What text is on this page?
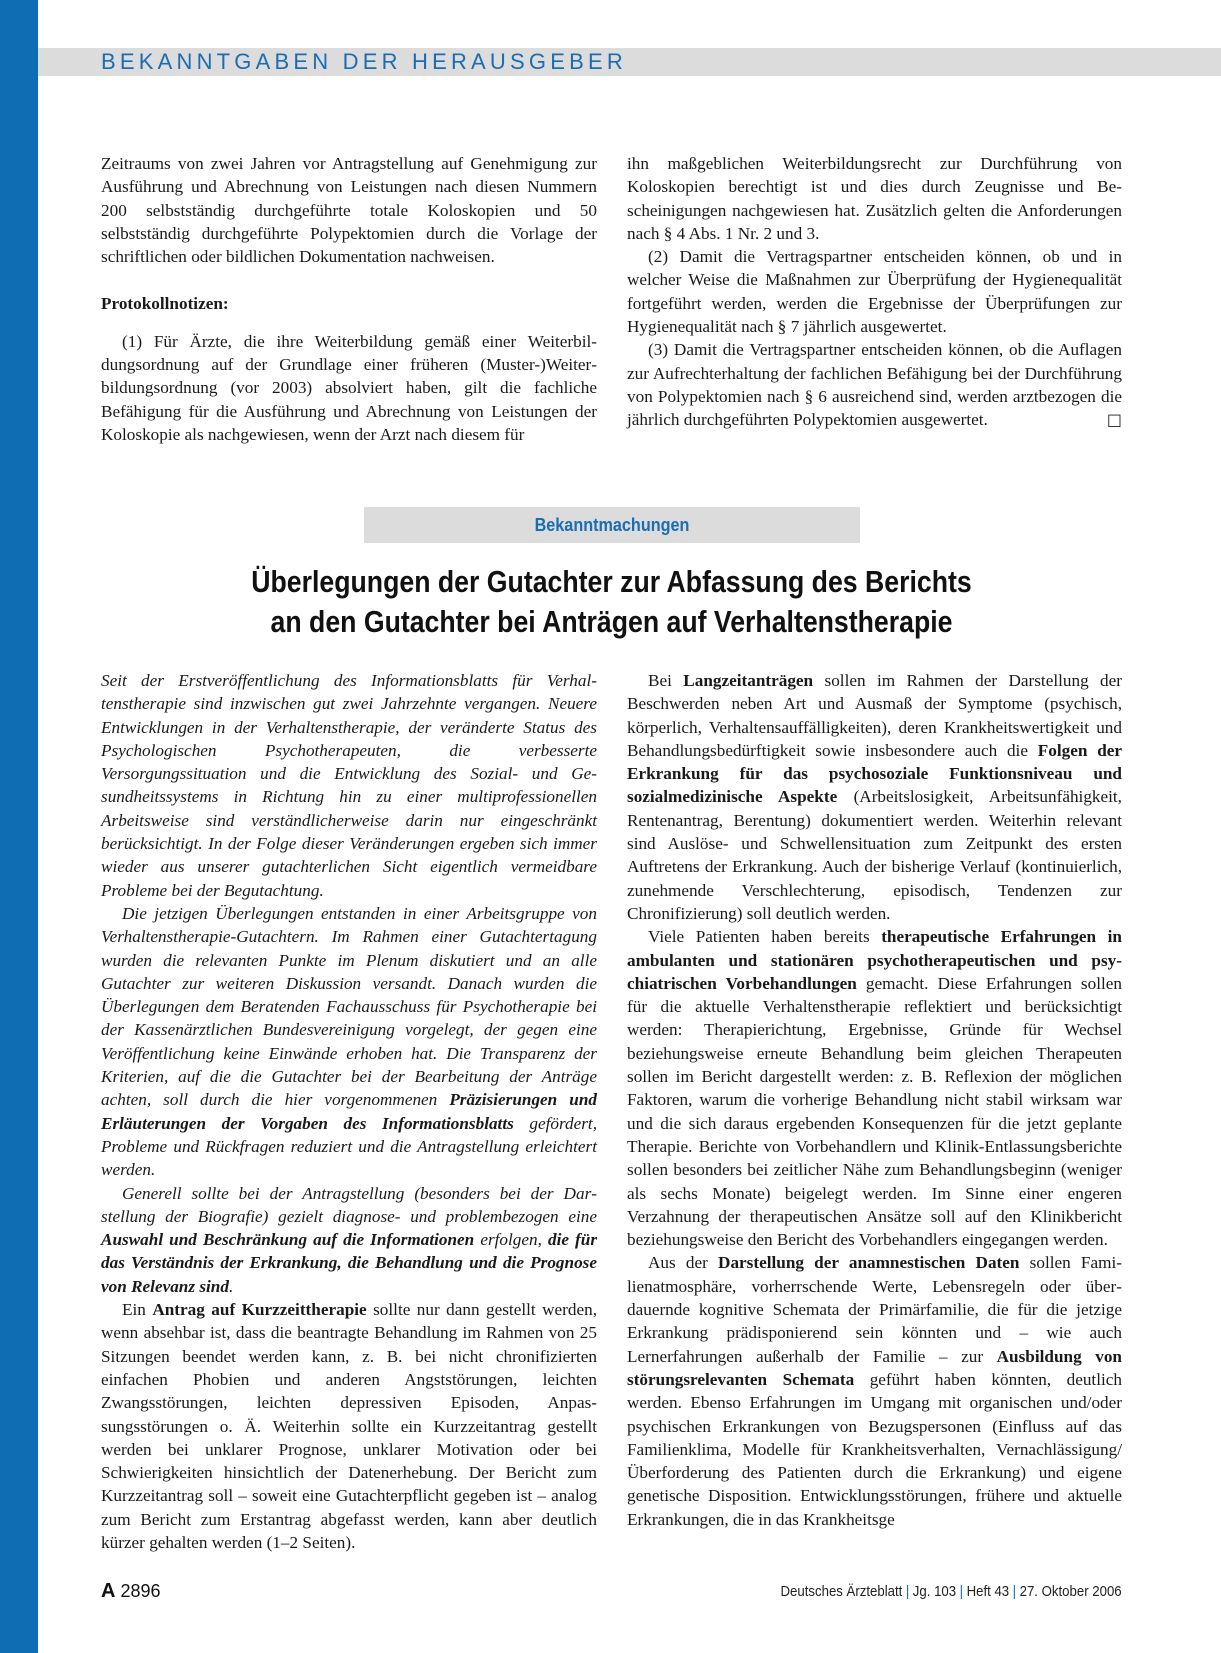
BEKANNTGABEN DER HERAUSGEBER

Zeitraums von zwei Jahren vor Antragstellung auf Genehmigung zur Ausführung und Abrechnung von Leistungen nach diesen Nummern 200 selbstständig durchgeführte totale Koloskopien und 50 selbstständig durchgeführte Polypektomien durch die Vorlage der schriftlichen oder bildlichen Dokumentation nachweisen.

Protokollnotizen:

(1) Für Ärzte, die ihre Weiterbildung gemäß einer Weiterbildungsordnung auf der Grundlage einer früheren (Muster-)Weiterbildungsordnung (vor 2003) absolviert haben, gilt die fachliche Befähigung für die Ausführung und Abrechnung von Leistungen der Koloskopie als nachgewiesen, wenn der Arzt nach diesem für

ihn maßgeblichen Weiterbildungsrecht zur Durchführung von Koloskopien berechtigt ist und dies durch Zeugnisse und Bescheinigungen nachgewiesen hat. Zusätzlich gelten die Anforderungen nach § 4 Abs. 1 Nr. 2 und 3.

(2) Damit die Vertragspartner entscheiden können, ob und in welcher Weise die Maßnahmen zur Überprüfung der Hygienequalität fortgeführt werden, werden die Ergebnisse der Überprüfungen zur Hygienequalität nach § 7 jährlich ausgewertet.

(3) Damit die Vertragspartner entscheiden können, ob die Auflagen zur Aufrechterhaltung der fachlichen Befähigung bei der Durchführung von Polypektomien nach § 6 ausreichend sind, werden arztbezogen die jährlich durchgeführten Polypektomien ausgewertet.	□

Bekanntmachungen
Überlegungen der Gutachter zur Abfassung des Berichts
an den Gutachter bei Anträgen auf Verhaltenstherapie

Seit der Erstveröffentlichung des Informationsblatts für Verhaltenstherapie sind inzwischen gut zwei Jahrzehnte vergangen. Neuere Entwicklungen in der Verhaltenstherapie, der veränderte Status des Psychologischen Psychotherapeuten, die verbesserte Versorgungssituation und die Entwicklung des Sozial- und Gesundheitssystems in Richtung hin zu einer multiprofessionellen Arbeitsweise sind verständlicherweise darin nur eingeschränkt berücksichtigt. In der Folge dieser Veränderungen ergeben sich immer wieder aus unserer gutachterlichen Sicht eigentlich vermeidbare Probleme bei der Begutachtung.

Die jetzigen Überlegungen entstanden in einer Arbeitsgruppe von Verhaltenstherapie-Gutachtern. Im Rahmen einer Gutachtertagung wurden die relevanten Punkte im Plenum diskutiert und an alle Gutachter zur weiteren Diskussion versandt. Danach wurden die Überlegungen dem Beratenden Fachausschuss für Psychotherapie bei der Kassenärztlichen Bundesvereinigung vorgelegt, der gegen eine Veröffentlichung keine Einwände erhoben hat. Die Transparenz der Kriterien, auf die die Gutachter bei der Bearbeitung der Anträge achten, soll durch die hier vorgenommenen Präzisierungen und Erläuterungen der Vorgaben des Informationsblatts gefördert, Probleme und Rückfragen reduziert und die Antragstellung erleichtert werden.

Generell sollte bei der Antragstellung (besonders bei der Darstellung der Biografie) gezielt diagnose- und problembezogen eine Auswahl und Beschränkung auf die Informationen erfolgen, die für das Verständnis der Erkrankung, die Behandlung und die Prognose von Relevanz sind.

Ein Antrag auf Kurzzeittherapie sollte nur dann gestellt werden, wenn absehbar ist, dass die beantragte Behandlung im Rahmen von 25 Sitzungen beendet werden kann, z. B. bei nicht chronifizierten einfachen Phobien und anderen Angststörungen, leichten Zwangsstörungen, leichten depressiven Episoden, Anpassungsstörungen o. Ä. Weiterhin sollte ein Kurzzeitantrag gestellt werden bei unklarer Prognose, unklarer Motivation oder bei Schwierigkeiten hinsichtlich der Datenerhebung. Der Bericht zum Kurzzeitantrag soll – soweit eine Gutachterpflicht gegeben ist – analog zum Bericht zum Erstantrag abgefasst werden, kann aber deutlich kürzer gehalten werden (1–2 Seiten).

Bei Langzeitanträgen sollen im Rahmen der Darstellung der Beschwerden neben Art und Ausmaß der Symptome (psychisch, körperlich, Verhaltensauffälligkeiten), deren Krankheitswertigkeit und Behandlungsbedürftigkeit sowie insbesondere auch die Folgen der Erkrankung für das psychosoziale Funktionsniveau und sozialmedizinische Aspekte (Arbeitslosigkeit, Arbeitsunfähigkeit, Rentenantrag, Berentung) dokumentiert werden. Weiterhin relevant sind Auslöse- und Schwellensituation zum Zeitpunkt des ersten Auftretens der Erkrankung. Auch der bisherige Verlauf (kontinuierlich, zunehmende Verschlechterung, episodisch, Tendenzen zur Chronifizierung) soll deutlich werden.

Viele Patienten haben bereits therapeutische Erfahrungen in ambulanten und stationären psychotherapeutischen und psychiatrischen Vorbehandlungen gemacht. Diese Erfahrungen sollen für die aktuelle Verhaltenstherapie reflektiert und berücksichtigt werden: Therapierichtung, Ergebnisse, Gründe für Wechsel beziehungsweise erneute Behandlung beim gleichen Therapeuten sollen im Bericht dargestellt werden: z. B. Reflexion der möglichen Faktoren, warum die vorherige Behandlung nicht stabil wirksam war und die sich daraus ergebenden Konsequenzen für die jetzt geplante Therapie. Berichte von Vorbehandlern und Klinik-Entlassungsberichte sollen besonders bei zeitlicher Nähe zum Behandlungsbeginn (weniger als sechs Monate) beigelegt werden. Im Sinne einer engeren Verzahnung der therapeutischen Ansätze soll auf den Klinikbericht beziehungsweise den Bericht des Vorbehandlers eingegangen werden.

Aus der Darstellung der anamnestischen Daten sollen Familienatmosphäre, vorherrschende Werte, Lebensregeln oder überdauernde kognitive Schemata der Primärfamilie, die für die jetzige Erkrankung prädisponierend sein könnten und – wie auch Lernerfahrungen außerhalb der Familie – zur Ausbildung von störungsrelevanten Schemata geführt haben könnten, deutlich werden. Ebenso Erfahrungen im Umgang mit organischen und/oder psychischen Erkrankungen von Bezugspersonen (Einfluss auf das Familienklima, Modelle für Krankheitsverhalten, Vernachlässigung/Überforderung des Patienten durch die Erkrankung) und eigene genetische Disposition. Entwicklungsstörungen, frühere und aktuelle Erkrankungen, die in das Krankheitsge

A 2896	Deutsches Ärzteblatt | Jg. 103 | Heft 43 | 27. Oktober 2006
